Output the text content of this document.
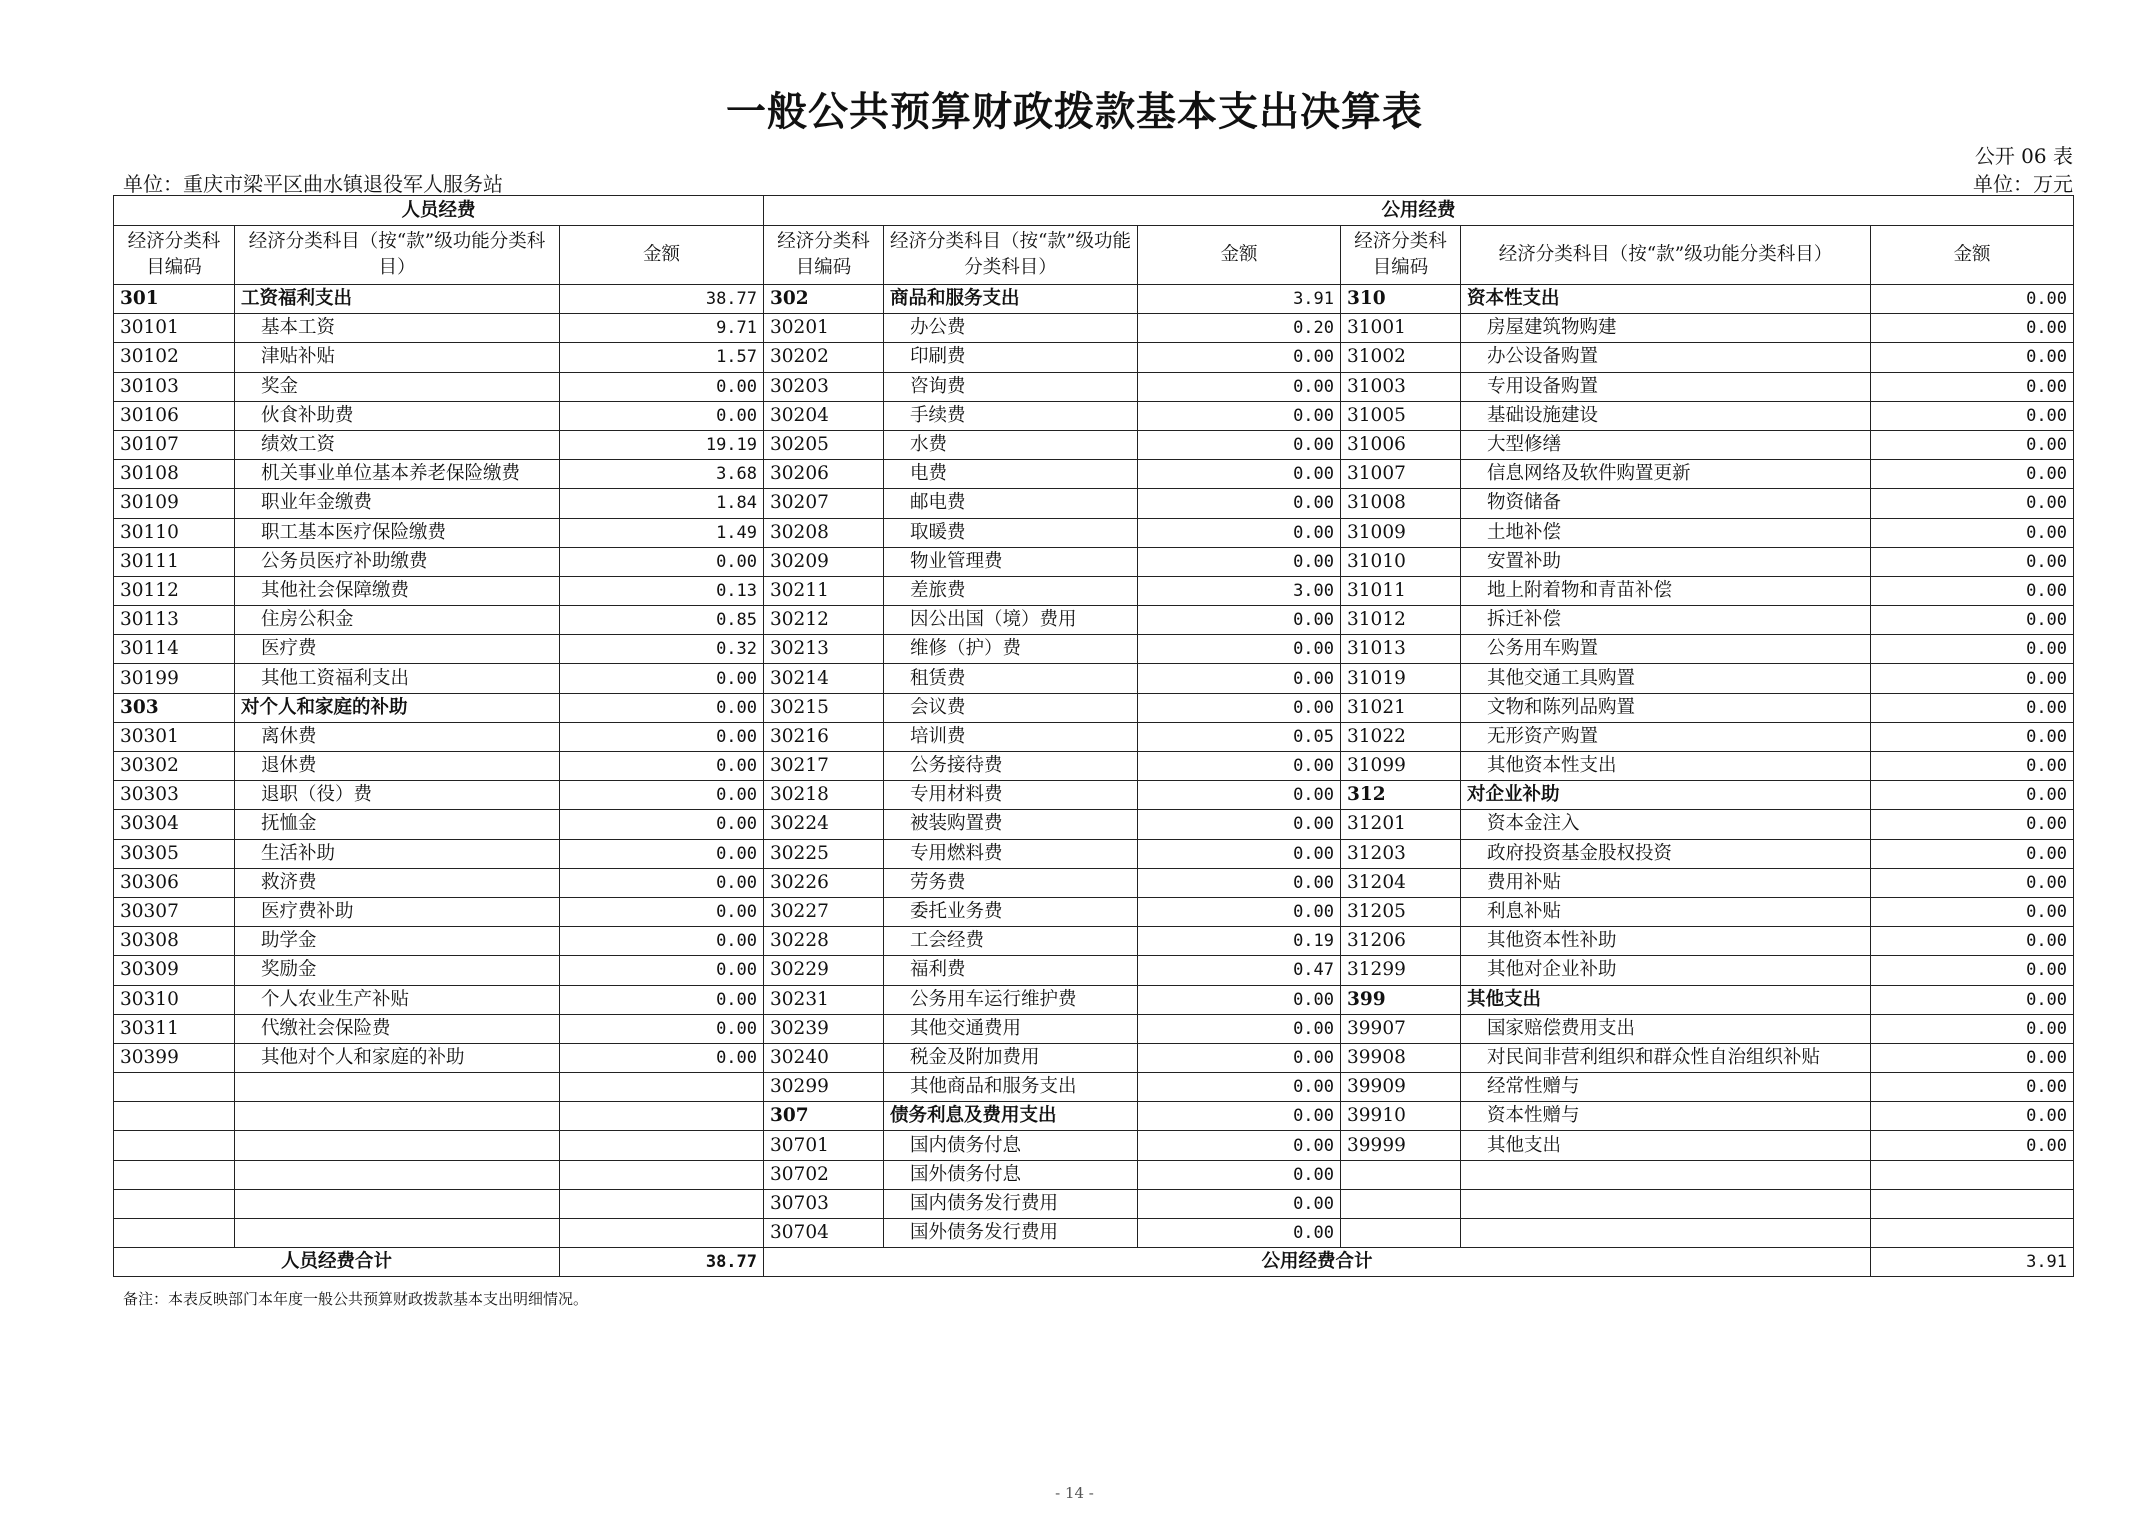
一般公共预算财政拨款基本支出决算表
公开 06 表
单位：重庆市梁平区曲水镇退役军人服务站	单位：万元
人员经费			公用经费					
经济分类科目编码	经济分类科目（按“款”级功能分类科目）	金额	经济分类科目编码	经济分类科目（按“款”级功能分类科目）	金额	经济分类科目编码	经济分类科目（按“款”级功能分类科目）	金额
301	工资福利支出	38.77	302	商品和服务支出	3.91	310	资本性支出	0.00
30101	基本工资	9.71	30201	办公费	0.20	31001	房屋建筑物购建	0.00
30102	津贴补贴	1.57	30202	印刷费	0.00	31002	办公设备购置	0.00
30103	奖金	0.00	30203	咨询费	0.00	31003	专用设备购置	0.00
30106	伙食补助费	0.00	30204	手续费	0.00	31005	基础设施建设	0.00
30107	绩效工资	19.19	30205	水费	0.00	31006	大型修缮	0.00
30108	机关事业单位基本养老保险缴费	3.68	30206	电费	0.00	31007	信息网络及软件购置更新	0.00
30109	职业年金缴费	1.84	30207	邮电费	0.00	31008	物资储备	0.00
30110	职工基本医疗保险缴费	1.49	30208	取暖费	0.00	31009	土地补偿	0.00
30111	公务员医疗补助缴费	0.00	30209	物业管理费	0.00	31010	安置补助	0.00
30112	其他社会保障缴费	0.13	30211	差旅费	3.00	31011	地上附着物和青苗补偿	0.00
30113	住房公积金	0.85	30212	因公出国（境）费用	0.00	31012	拆迁补偿	0.00
30114	医疗费	0.32	30213	维修（护）费	0.00	31013	公务用车购置	0.00
30199	其他工资福利支出	0.00	30214	租赁费	0.00	31019	其他交通工具购置	0.00
303	对个人和家庭的补助	0.00	30215	会议费	0.00	31021	文物和陈列品购置	0.00
30301	离休费	0.00	30216	培训费	0.05	31022	无形资产购置	0.00
30302	退休费	0.00	30217	公务接待费	0.00	31099	其他资本性支出	0.00
30303	退职（役）费	0.00	30218	专用材料费	0.00	312	对企业补助	0.00
30304	抚恤金	0.00	30224	被装购置费	0.00	31201	资本金注入	0.00
30305	生活补助	0.00	30225	专用燃料费	0.00	31203	政府投资基金股权投资	0.00
30306	救济费	0.00	30226	劳务费	0.00	31204	费用补贴	0.00
30307	医疗费补助	0.00	30227	委托业务费	0.00	31205	利息补贴	0.00
30308	助学金	0.00	30228	工会经费	0.19	31206	其他资本性补助	0.00
30309	奖励金	0.00	30229	福利费	0.47	31299	其他对企业补助	0.00
30310	个人农业生产补贴	0.00	30231	公务用车运行维护费	0.00	399	其他支出	0.00
30311	代缴社会保险费	0.00	30239	其他交通费用	0.00	39907	国家赔偿费用支出	0.00
30399	其他对个人和家庭的补助	0.00	30240	税金及附加费用	0.00	39908	对民间非营利组织和群众性自治组织补贴	0.00
			30299	其他商品和服务支出	0.00	39909	经常性赠与	0.00
			307	债务利息及费用支出	0.00	39910	资本性赠与	0.00
			30701	国内债务付息	0.00	39999	其他支出	0.00
			30702	国外债务付息	0.00			
			30703	国内债务发行费用	0.00			
			30704	国外债务发行费用	0.00			
人员经费合计		38.77	公用经费合计					3.91
备注：本表反映部门本年度一般公共预算财政拨款基本支出明细情况。
- 14 -
